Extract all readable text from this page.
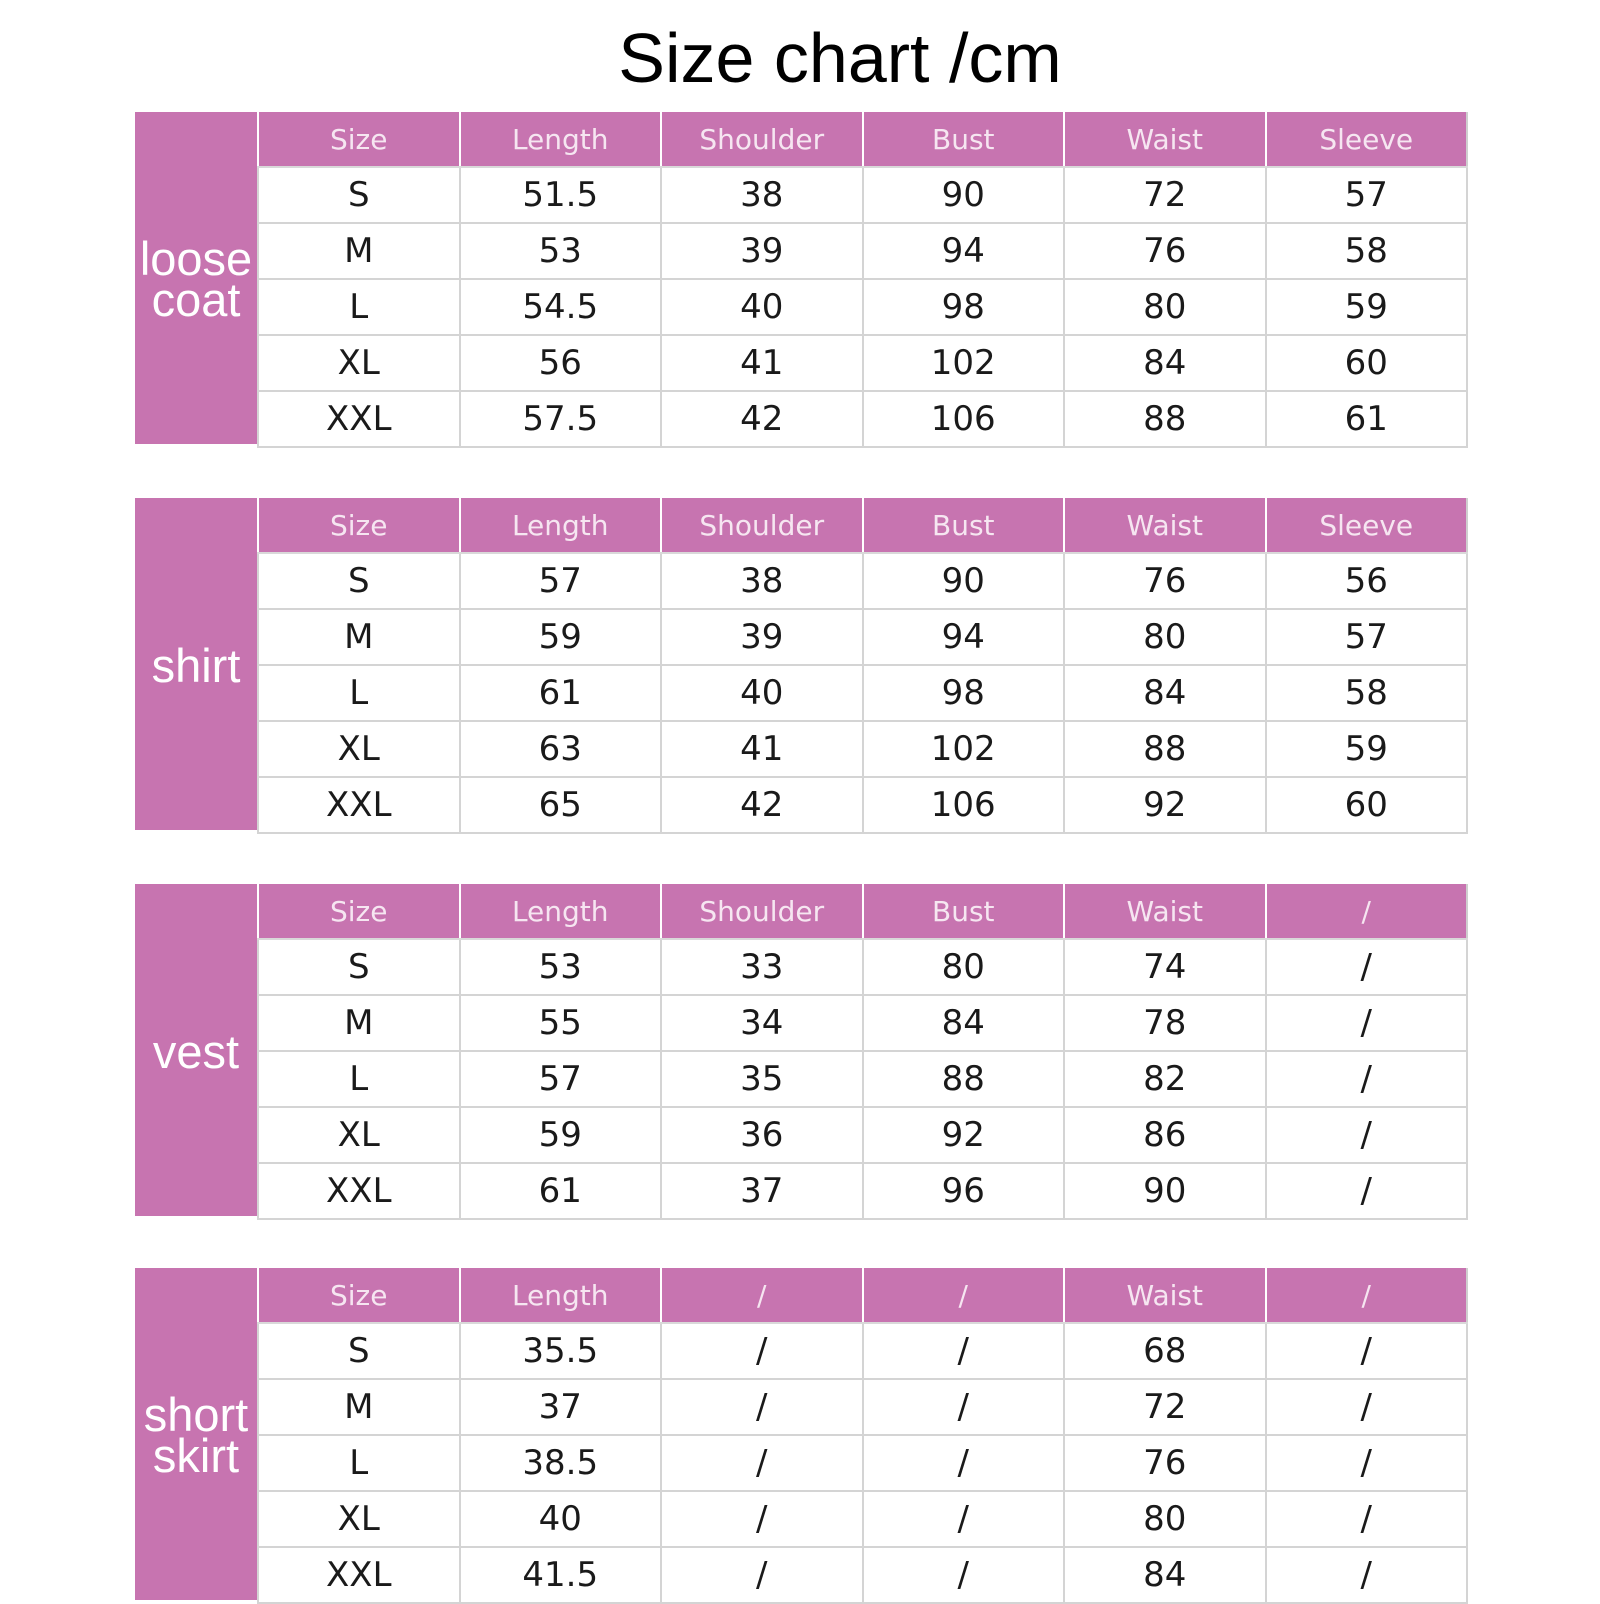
Size chart /cm
loose
coat
Size	Length	Shoulder	Bust	Waist	Sleeve
S	51.5	38	90	72	57
M	53	39	94	76	58
L	54.5	40	98	80	59
XL	56	41	102	84	60
XXL	57.5	42	106	88	61
shirt
Size	Length	Shoulder	Bust	Waist	Sleeve
S	57	38	90	76	56
M	59	39	94	80	57
L	61	40	98	84	58
XL	63	41	102	88	59
XXL	65	42	106	92	60
vest
Size	Length	Shoulder	Bust	Waist	/
S	53	33	80	74	/
M	55	34	84	78	/
L	57	35	88	82	/
XL	59	36	92	86	/
XXL	61	37	96	90	/
short
skirt
Size	Length	/	/	Waist	/
S	35.5	/	/	68	/
M	37	/	/	72	/
L	38.5	/	/	76	/
XL	40	/	/	80	/
XXL	41.5	/	/	84	/
